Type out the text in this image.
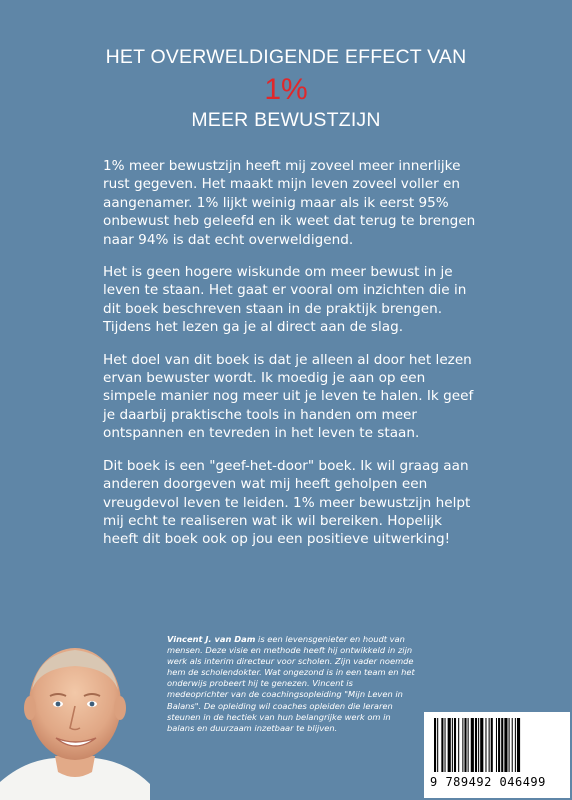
HET OVERWELDIGENDE EFFECT VAN
1%
MEER BEWUSTZIJN

1% meer bewustzijn heeft mij zoveel meer innerlijke rust gegeven. Het maakt mijn leven zoveel voller en aangenamer. 1% lijkt weinig maar als ik eerst 95% onbewust heb geleefd en ik weet dat terug te brengen naar 94% is dat echt overweldigend.

Het is geen hogere wiskunde om meer bewust in je leven te staan. Het gaat er vooral om inzichten die in dit boek beschreven staan in de praktijk brengen. Tijdens het lezen ga je al direct aan de slag.

Het doel van dit boek is dat je alleen al door het lezen ervan bewuster wordt. Ik moedig je aan op een simpele manier nog meer uit je leven te halen. Ik geef je daarbij praktische tools in handen om meer ontspannen en tevreden in het leven te staan.

Dit boek is een "geef-het-door" boek. Ik wil graag aan anderen doorgeven wat mij heeft geholpen een vreugdevol leven te leiden. 1% meer bewustzijn helpt mij echt te realiseren wat ik wil bereiken. Hopelijk heeft dit boek ook op jou een positieve uitwerking!

Vincent J. van Dam is een levensgenieter en houdt van mensen. Deze visie en methode heeft hij ontwikkeld in zijn werk als interim directeur voor scholen. Zijn vader noemde hem de scholendokter. Wat ongezond is in een team en het onderwijs probeert hij te genezen. Vincent is medeoprichter van de coachingsopleiding "Mijn Leven in Balans". De opleiding wil coaches opleiden die leraren steunen in de hectiek van hun belangrijke werk om in balans en duurzaam inzetbaar te blijven.
9 789492 046499
